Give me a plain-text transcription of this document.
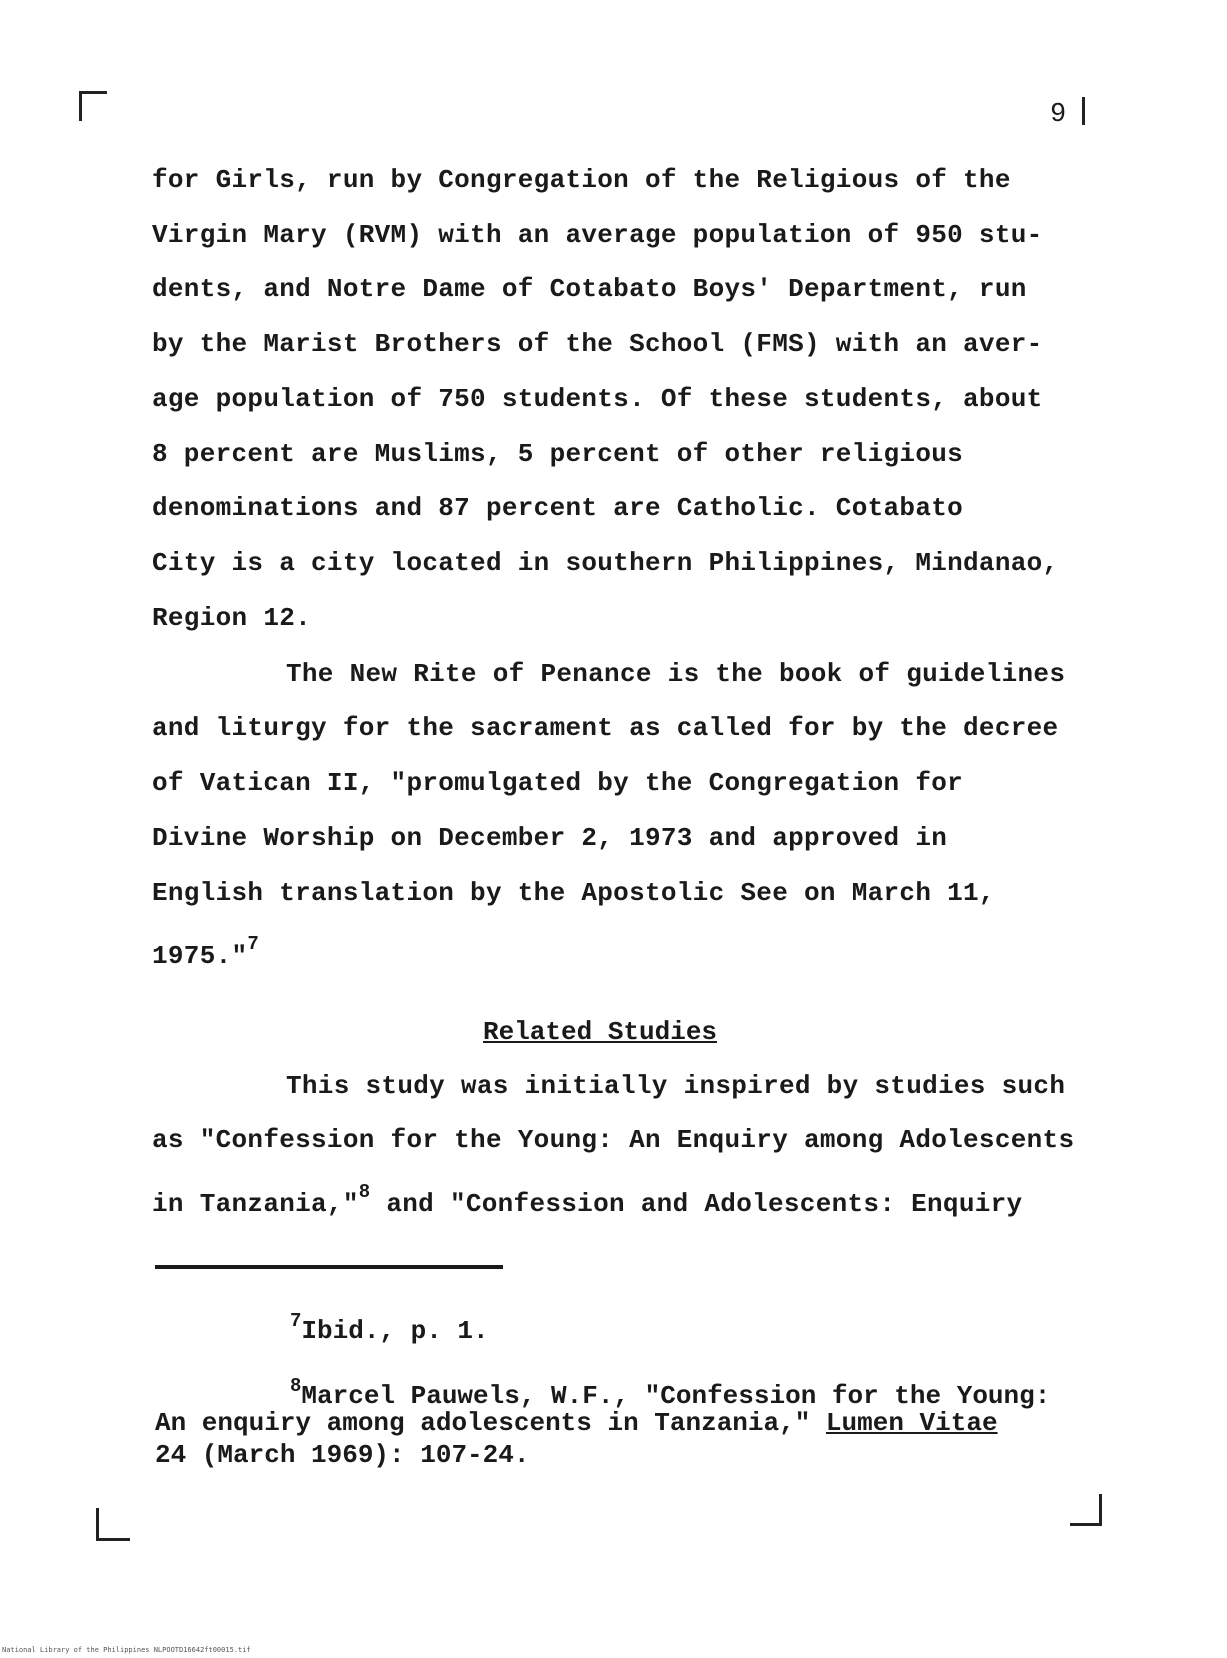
9
for Girls, run by Congregation of the Religious of the
Virgin Mary (RVM) with an average population of 950 stu-
dents, and Notre Dame of Cotabato Boys' Department, run
by the Marist Brothers of the School (FMS) with an aver-
age population of 750 students. Of these students, about
8 percent are Muslims, 5 percent of other religious
denominations and 87 percent are Catholic. Cotabato
City is a city located in southern Philippines, Mindanao,
Region 12.
The New Rite of Penance is the book of guidelines
and liturgy for the sacrament as called for by the decree
of Vatican II, "promulgated by the Congregation for
Divine Worship on December 2, 1973 and approved in
English translation by the Apostolic See on March 11,
1975."$^7$
Related Studies
This study was initially inspired by studies such
as "Confession for the Young: An Enquiry among Adolescents
in Tanzania,"$^8$ and "Confession and Adolescents: Enquiry
$^7$Ibid., p. 1.
$^8$Marcel Pauwels, W.F., "Confession for the Young:
An enquiry among adolescents in Tanzania," Lumen Vitae
24 (March 1969): 107-24.
National Library of the Philippines NLPOOTD16642ft00015.tif
